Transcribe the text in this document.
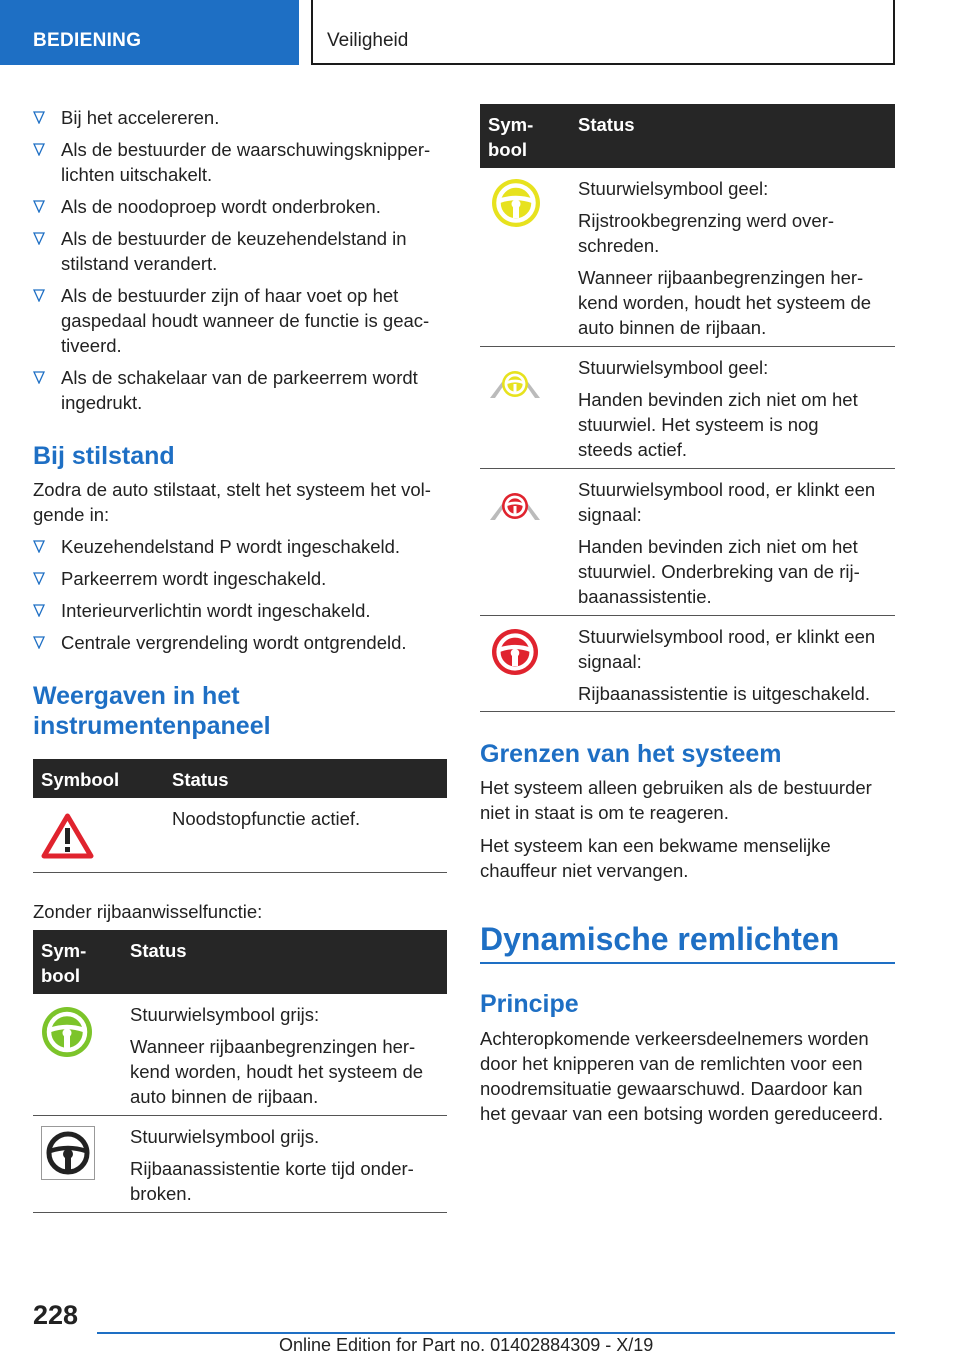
BEDIENING	Veiligheid
Bij het accelereren.
Als de bestuurder de waarschuwingsknipper-
lichten uitschakelt.
Als de noodoproep wordt onderbroken.
Als de bestuurder de keuzehendelstand in
stilstand verandert.
Als de bestuurder zijn of haar voet op het
gaspedaal houdt wanneer de functie is geac-
tiveerd.
Als de schakelaar van de parkeerrem wordt
ingedrukt.
Bij stilstand
Zodra de auto stilstaat, stelt het systeem het vol-
gende in:
Keuzehendelstand P wordt ingeschakeld.
Parkeerrem wordt ingeschakeld.
Interieurverlichtin wordt ingeschakeld.
Centrale vergrendeling wordt ontgrendeld.
Weergaven in het
instrumentenpaneel
Symbool	Status
Noodstopfunctie actief.
Zonder rijbaanwisselfunctie:
Sym-

bool
Status
Stuurwielsymbool grijs:
Wanneer rijbaanbegrenzingen her-
kend worden, houdt het systeem de
auto binnen de rijbaan.
Stuurwielsymbool grijs.
Rijbaanassistentie korte tijd onder-
broken.
Sym-

bool
Status
Stuurwielsymbool geel:
Rijstrookbegrenzing werd over-
schreden.
Wanneer rijbaanbegrenzingen her-
kend worden, houdt het systeem de
auto binnen de rijbaan.
Stuurwielsymbool geel:
Handen bevinden zich niet om het
stuurwiel. Het systeem is nog
steeds actief.
Stuurwielsymbool rood, er klinkt een
signaal:
Handen bevinden zich niet om het
stuurwiel. Onderbreking van de rij-
baanassistentie.
Stuurwielsymbool rood, er klinkt een
signaal:
Rijbaanassistentie is uitgeschakeld.
Grenzen van het systeem
Het systeem alleen gebruiken als de bestuurder
niet in staat is om te reageren.
Het systeem kan een bekwame menselijke
chauffeur niet vervangen.
Dynamische remlichten
Principe
Achteropkomende verkeersdeelnemers worden
door het knipperen van de remlichten voor een
noodremsituatie gewaarschuwd. Daardoor kan
het gevaar van een botsing worden gereduceerd.
228
Online Edition for Part no. 01402884309 - X/19
